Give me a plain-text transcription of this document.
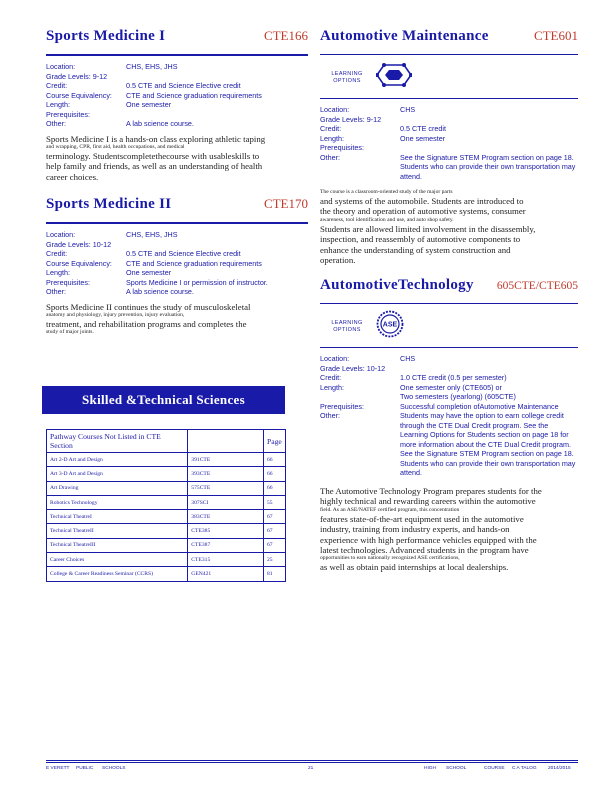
Sports Medicine I	CTE166
Location:	CHS, EHS, JHS
Grade Levels: 9-12
Credit:	0.5 CTE and Science Elective credit
Course Equivalency:	CTE and Science graduation requirements
Length:	One semester
Prerequisites:
Other:	A lab science course.
Sports Medicine I is a hands-on class exploring athletic taping
and wrapping, CPR, first aid, health occupations, and medical
terminology. Studentscompletethecourse with usableskills to
help family and friends, as well as an understanding of health
career choices.
Sports Medicine II	CTE170
Location:	CHS, EHS, JHS
Grade Levels: 10-12
Credit:	0.5 CTE and Science Elective credit
Course Equivalency:	CTE and Science graduation requirements
Length:	One semester
Prerequisites:	Sports Medicine I or permission of instructor.
Other:	A lab science course.
Sports Medicine II continues the study of musculoskeletal
anatomy and physiology, injury prevention, injury evaluation,
treatment, and rehabilitation programs and completes the
study of major joints.
Skilled &Technical Sciences
Pathway Courses Not Listed in CTE Section		Page
Art 2-D Art and Design	391CTE	66
Art 3-D Art and Design	393CTE	66
Art Drawing	575CTE	66
Robotics Technology	307SCI	55
Technical TheatreI	383CTE	67
Technical TheatreII	CTE385	67
Technical TheatreIII	CTE387	67
Career Choices	CTE315	25
College & Career Readiness Seminar (CCRS)	GEN421	81
Automotive Maintenance	CTE601
LEARNING OPTIONS
Location:	CHS
Grade Levels: 9-12
Credit:	0.5 CTE credit
Length:	One semester
Prerequisites:
Other:	See the Signature STEM Program section on page 18. Students who can provide their own transportation may attend.
The course is a classroom-oriented study of the major parts
and systems of the automobile. Students are introduced to
the theory and operation of automotive systems, consumer
awareness, tool identification and use, and auto shop safety.
Students are allowed limited involvement in the disassembly,
inspection, and reassembly of automotive components to
enhance the understanding of system construction and
operation.
AutomotiveTechnology 605CTE/CTE605
LEARNING OPTIONS
ASE
Location:	CHS
Grade Levels: 10-12
Credit:	1.0 CTE credit (0.5 per semester)
Length:	One semester only (CTE605) or
Two semesters (yearlong) (605CTE)
Prerequisites:	Successful completion ofAutomotive Maintenance
Other:	Students may have the option to earn college credit through the CTE Dual Credit program. See the Learning Options for Students section on page 18 for more information about the CTE Dual Credit program.
See the Signature STEM Program section on page 18. Students who can provide their own transportation may attend.
The Automotive Technology Program prepares students for the
highly technical and rewarding careers within the automotive
field. As an ASE/NATEF certified program, this concentration
features state-of-the-art equipment used in the automotive
industry, training from industry experts, and hands-on
experience with high performance vehicles equipped with the
latest technologies. Advanced students in the program have
opportunities to earn nationally recognized ASE certifications,
as well as obtain paid internships at local dealerships.
E VERETT PUBLIC SCHOOLS	21	HIGH SCHOOL	COURSE C A TALOG 2014/2015
